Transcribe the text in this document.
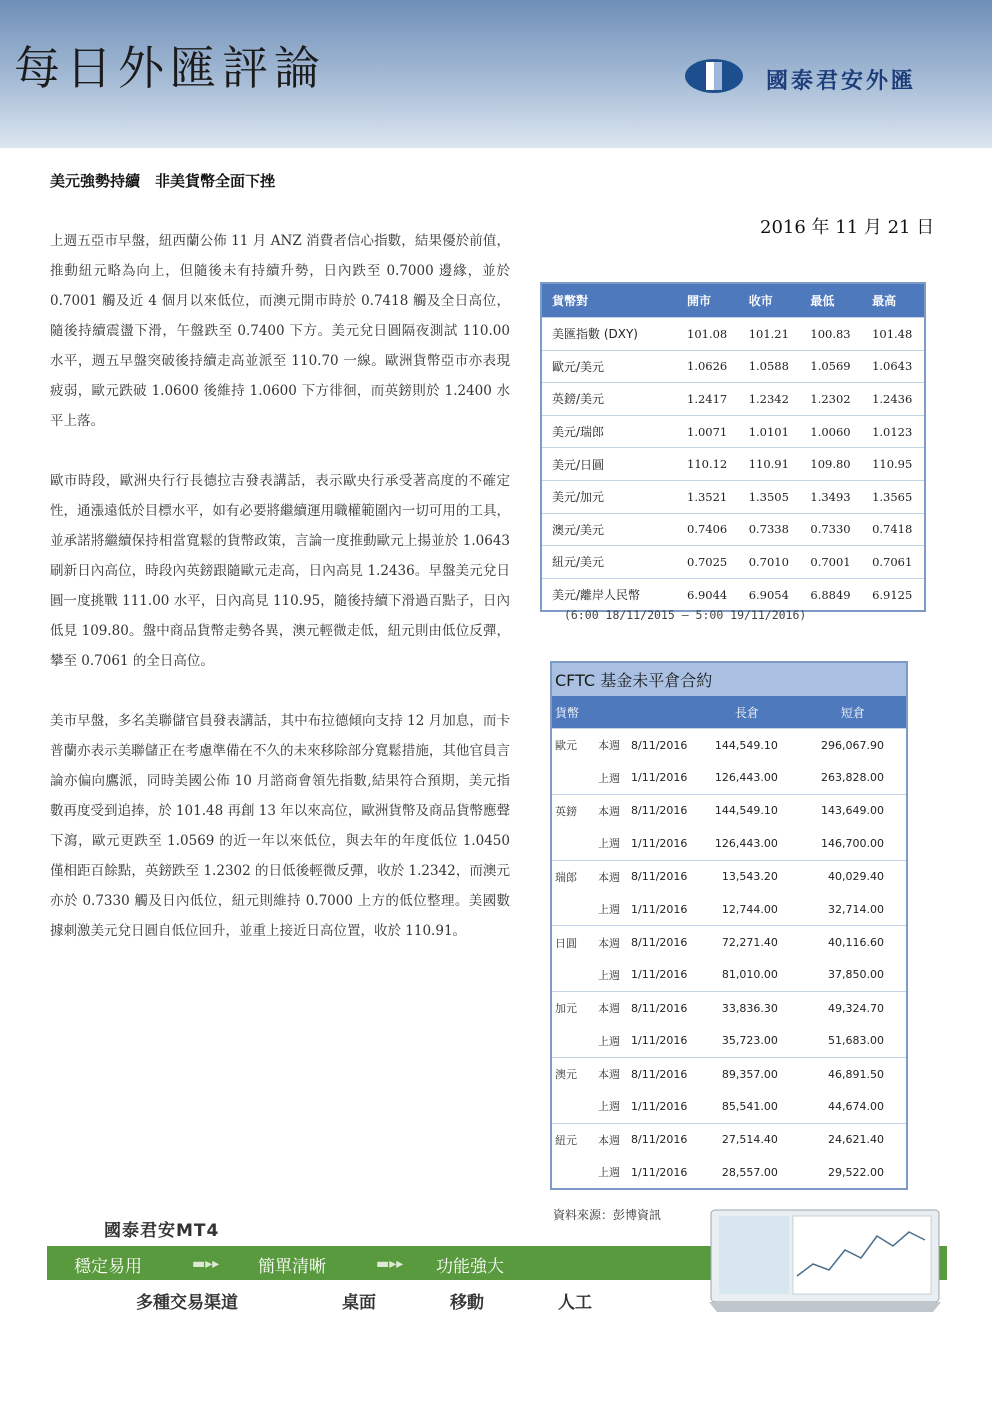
每日外匯評論	國泰君安外匯
美元強勢持續　非美貨幣全面下挫
2016 年 11 月 21 日

上週五亞市早盤，紐西蘭公佈 11 月 ANZ 消費者信心指數，結果優於前值，推動紐元略為向上，但隨後未有持續升勢，日內跌至 0.7000 邊緣，並於 0.7001 觸及近 4 個月以來低位，而澳元開市時於 0.7418 觸及全日高位，隨後持續震盪下滑，午盤跌至 0.7400 下方。美元兌日圓隔夜測試 110.00 水平，週五早盤突破後持續走高並派至 110.70 一線。歐洲貨幣亞市亦表現疲弱，歐元跌破 1.0600 後維持 1.0600 下方徘徊，而英鎊則於 1.2400 水平上落。

歐市時段，歐洲央行行長德拉吉發表講話，表示歐央行承受著高度的不確定性，通漲遠低於目標水平，如有必要將繼續運用職權範圍內一切可用的工具，並承諾將繼續保持相當寬鬆的貨幣政策，言論一度推動歐元上揚並於 1.0643 刷新日內高位，時段內英鎊跟隨歐元走高，日內高見 1.2436。早盤美元兌日圓一度挑戰 111.00 水平，日內高見 110.95，隨後持續下滑過百點子，日內低見 109.80。盤中商品貨幣走勢各異，澳元輕微走低，紐元則由低位反彈，攀至 0.7061 的全日高位。

美市早盤，多名美聯儲官員發表講話，其中布拉德傾向支持 12 月加息，而卡普蘭亦表示美聯儲正在考慮準備在不久的未來移除部分寬鬆措施，其他官員言論亦偏向鷹派，同時美國公佈 10 月諮商會領先指數,結果符合預期，美元指數再度受到追捧，於 101.48 再創 13 年以來高位，歐洲貨幣及商品貨幣應聲下瀉，歐元更跌至 1.0569 的近一年以來低位，與去年的年度低位 1.0450 僅相距百餘點，英鎊跌至 1.2302 的日低後輕微反彈，收於 1.2342，而澳元亦於 0.7330 觸及日內低位，紐元則維持 0.7000 上方的低位整理。美國數據刺激美元兌日圓自低位回升，並重上接近日高位置，收於 110.91。

貨幣對	開市	收市	最低	最高
美匯指數 (DXY)	101.08	101.21	100.83	101.48
歐元/美元	1.0626	1.0588	1.0569	1.0643
英鎊/美元	1.2417	1.2342	1.2302	1.2436
美元/瑞郎	1.0071	1.0101	1.0060	1.0123
美元/日圓	110.12	110.91	109.80	110.95
美元/加元	1.3521	1.3505	1.3493	1.3565
澳元/美元	0.7406	0.7338	0.7330	0.7418
紐元/美元	0.7025	0.7010	0.7001	0.7061
美元/離岸人民幣	6.9044	6.9054	6.8849	6.9125
(6:00 18/11/2015 – 5:00 19/11/2016)
CFTC 基金未平倉合約				
貨幣			長倉	短倉
歐元	本週	8/11/2016	144,549.10	296,067.90
	上週	1/11/2016	126,443.00	263,828.00
英鎊	本週	8/11/2016	144,549.10	143,649.00
	上週	1/11/2016	126,443.00	146,700.00
瑞郎	本週	8/11/2016	13,543.20	40,029.40
	上週	1/11/2016	12,744.00	32,714.00
日圓	本週	8/11/2016	72,271.40	40,116.60
	上週	1/11/2016	81,010.00	37,850.00
加元	本週	8/11/2016	33,836.30	49,324.70
	上週	1/11/2016	35,723.00	51,683.00
澳元	本週	8/11/2016	89,357.00	46,891.50
	上週	1/11/2016	85,541.00	44,674.00
紐元	本週	8/11/2016	27,514.40	24,621.40
	上週	1/11/2016	28,557.00	29,522.00
資料來源：彭博資訊
國泰君安MT4
穩定易用	▬▸▸ 簡單清晰	▬▸▸ 功能強大
多種交易渠道	桌面	移動	人工
